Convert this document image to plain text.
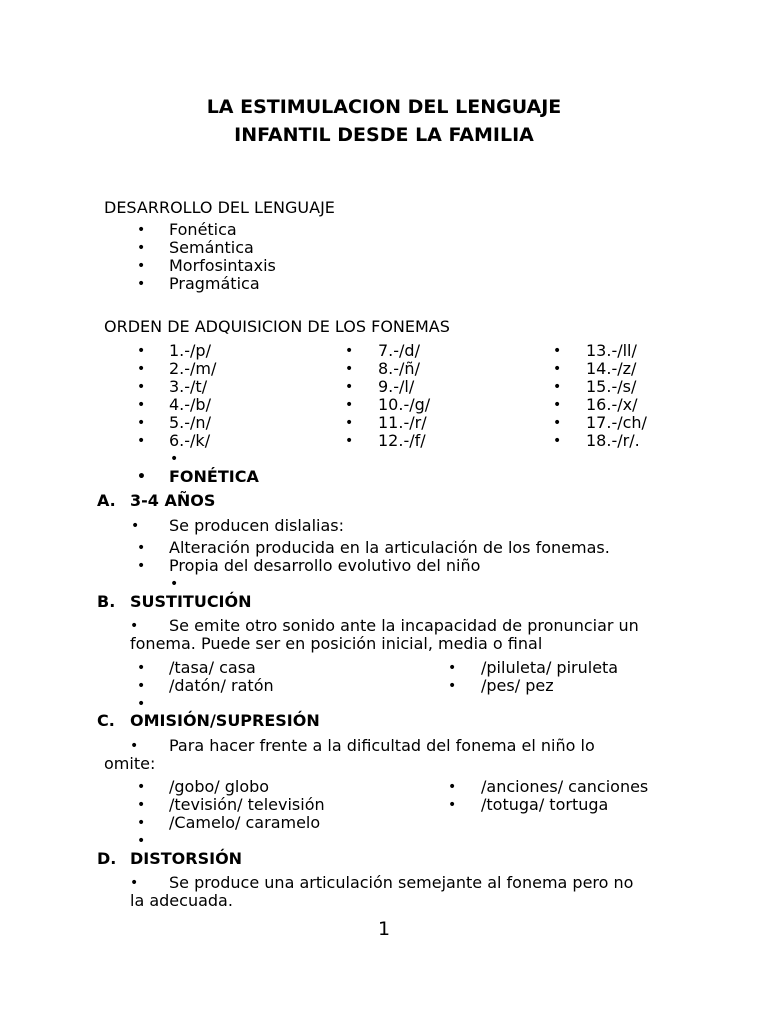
LA ESTIMULACION DEL LENGUAJE
INFANTIL DESDE LA FAMILIA
DESARROLLO DEL LENGUAJE
• Fonética
• Semántica
• Morfosintaxis
• Pragmática
ORDEN DE ADQUISICION DE LOS FONEMAS
• 1.-/p/
• 2.-/m/
• 3.-/t/
• 4.-/b/
• 5.-/n/
• 6.-/k/
•
• 7.-/d/
• 8.-/ñ/
• 9.-/l/
• 10.-/g/
• 11.-/r/
• 12.-/f/
• 13.-/ll/
• 14.-/z/
• 15.-/s/
• 16.-/x/
• 17.-/ch/
• 18.-/r/.
• FONÉTICA
A. 3-4 AÑOS
• Se producen dislalias:
• Alteración producida en la articulación de los fonemas.
• Propia del desarrollo evolutivo del niño
•
B. SUSTITUCIÓN
• Se emite otro sonido ante la incapacidad de pronunciar un
fonema. Puede ser en posición inicial, media o final
• /tasa/ casa
• /datón/ ratón
• /piluleta/ piruleta
• /pes/ pez
•
C. OMISIÓN/SUPRESIÓN
• Para hacer frente a la dificultad del fonema el niño lo
omite:
• /gobo/ globo
• /tevisión/ televisión
• /Camelo/ caramelo
• /anciones/ canciones
• /totuga/ tortuga
•
D. DISTORSIÓN
• Se produce una articulación semejante al fonema pero no
la adecuada.
1
